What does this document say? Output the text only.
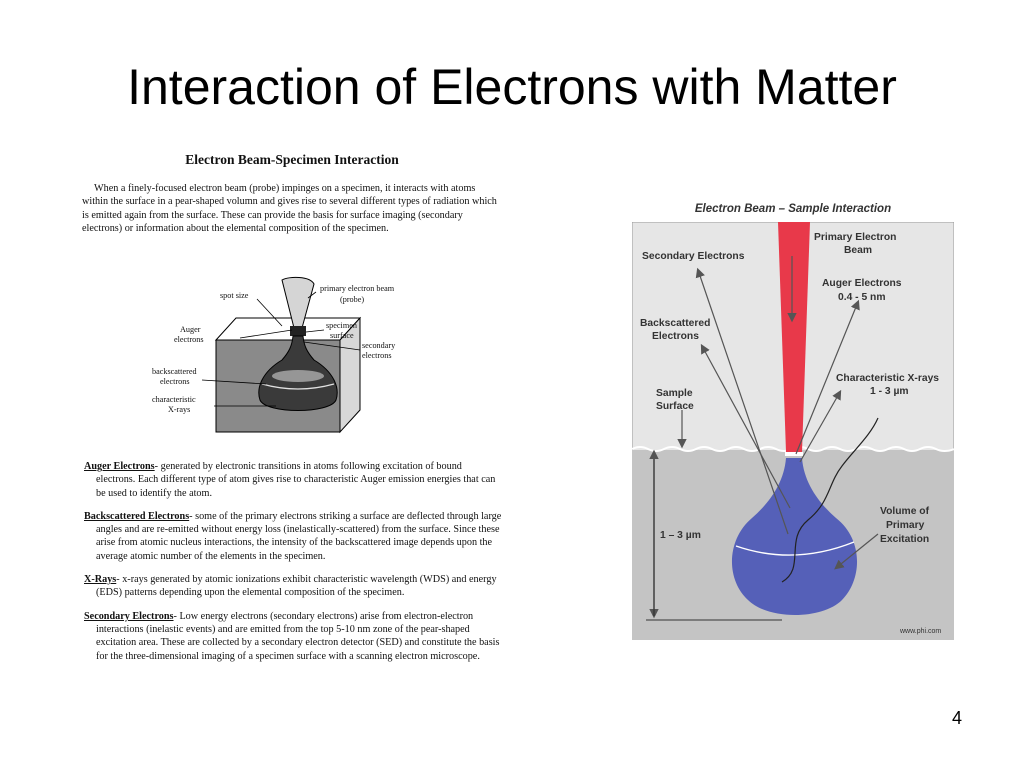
Interaction of Electrons with Matter
Electron Beam-Specimen Interaction

When a finely-focused electron beam (probe) impinges on a specimen, it interacts with atoms within the surface in a pear-shaped volumn and gives rise to several different types of radiation which is emitted again from the surface. These can provide the basis for surface imaging (secondary electrons) or information about the elemental composition of the specimen.

spot size
primary electron beam
(probe)
Auger
electrons
specimen
surface
secondary
electrons
backscattered
electrons
characteristic
X-rays

Auger Electrons- generated by electronic transitions in atoms following excitation of bound electrons. Each different type of atom gives rise to characteristic Auger emission energies that can be used to identify the atom.

Backscattered Electrons- some of the primary electrons striking a surface are deflected through large angles and are re-emitted without energy loss (inelastically-scattered) from the surface. Since these arise from atomic nucleus interactions, the intensity of the backscattered image depends upon the average atomic number of the elements in the specimen.

X-Rays- x-rays generated by atomic ionizations exhibit characteristic wavelength (WDS) and energy (EDS) patterns depending upon the elemental composition of the specimen.

Secondary Electrons- Low energy electrons (secondary electrons) arise from electron-electron interactions (inelastic events) and are emitted from the top 5-10 nm zone of the pear-shaped excitation area. These are collected by a secondary electron detector (SED) and constitute the basis for the three-dimensional imaging of a specimen surface with a scanning electron microscope.

Electron Beam – Sample Interaction
Primary Electron
Beam
Secondary Electrons
Auger Electrons
0.4 - 5 nm
Backscattered
Electrons
Characteristic X-rays
1 - 3 µm
Sample
Surface
1 – 3 µm
Volume of
Primary
Excitation
www.phi.com
4
